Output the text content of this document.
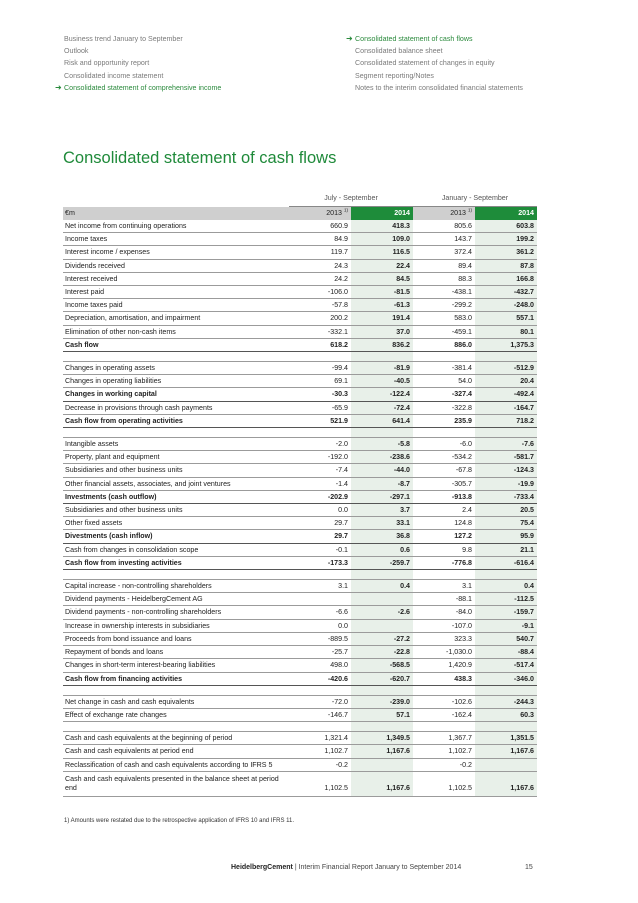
Business trend January to September
Outlook
Risk and opportunity report
Consolidated income statement
➜ Consolidated statement of comprehensive income
➜ Consolidated statement of cash flows
Consolidated balance sheet
Consolidated statement of changes in equity
Segment reporting/Notes
Notes to the interim consolidated financial statements
Consolidated statement of cash flows
	July - September		January - September	
€m	2013 $^{1)}$	2014	2013 $^{1)}$	2014
Net income from continuing operations	660.9	418.3	805.6	603.8
Income taxes	84.9	109.0	143.7	199.2
Interest income / expenses	119.7	116.5	372.4	361.2
Dividends received	24.3	22.4	89.4	87.8
Interest received	24.2	84.5	88.3	166.8
Interest paid	-106.0	-81.5	-438.1	-432.7
Income taxes paid	-57.8	-61.3	-299.2	-248.0
Depreciation, amortisation, and impairment	200.2	191.4	583.0	557.1
Elimination of other non-cash items	-332.1	37.0	-459.1	80.1
Cash flow	618.2	836.2	886.0	1,375.3

Changes in operating assets	-99.4	-81.9	-381.4	-512.9
Changes in operating liabilities	69.1	-40.5	54.0	20.4
Changes in working capital	-30.3	-122.4	-327.4	-492.4
Decrease in provisions through cash payments	-65.9	-72.4	-322.8	-164.7
Cash flow from operating activities	521.9	641.4	235.9	718.2

Intangible assets	-2.0	-5.8	-6.0	-7.6
Property, plant and equipment	-192.0	-238.6	-534.2	-581.7
Subsidiaries and other business units	-7.4	-44.0	-67.8	-124.3
Other financial assets, associates, and joint ventures	-1.4	-8.7	-305.7	-19.9
Investments (cash outflow)	-202.9	-297.1	-913.8	-733.4
Subsidiaries and other business units	0.0	3.7	2.4	20.5
Other fixed assets	29.7	33.1	124.8	75.4
Divestments (cash inflow)	29.7	36.8	127.2	95.9
Cash from changes in consolidation scope	-0.1	0.6	9.8	21.1
Cash flow from investing activities	-173.3	-259.7	-776.8	-616.4

Capital increase - non-controlling shareholders	3.1	0.4	3.1	0.4
Dividend payments - HeidelbergCement AG			-88.1	-112.5
Dividend payments - non-controlling shareholders	-6.6	-2.6	-84.0	-159.7
Increase in ownership interests in subsidiaries	0.0		-107.0	-9.1
Proceeds from bond issuance and loans	-889.5	-27.2	323.3	540.7
Repayment of bonds and loans	-25.7	-22.8	-1,030.0	-88.4
Changes in short-term interest-bearing liabilities	498.0	-568.5	1,420.9	-517.4
Cash flow from financing activities	-420.6	-620.7	438.3	-346.0

Net change in cash and cash equivalents	-72.0	-239.0	-102.6	-244.3
Effect of exchange rate changes	-146.7	57.1	-162.4	60.3

Cash and cash equivalents at the beginning of period	1,321.4	1,349.5	1,367.7	1,351.5
Cash and cash equivalents at period end	1,102.7	1,167.6	1,102.7	1,167.6
Reclassification of cash and cash equivalents according to IFRS 5	-0.2		-0.2	
Cash and cash equivalents presented in the balance sheet at period end	1,102.5	1,167.6	1,102.5	1,167.6
1) Amounts were restated due to the retrospective application of IFRS 10 and IFRS 11.
HeidelbergCement | Interim Financial Report January to September 2014	15
